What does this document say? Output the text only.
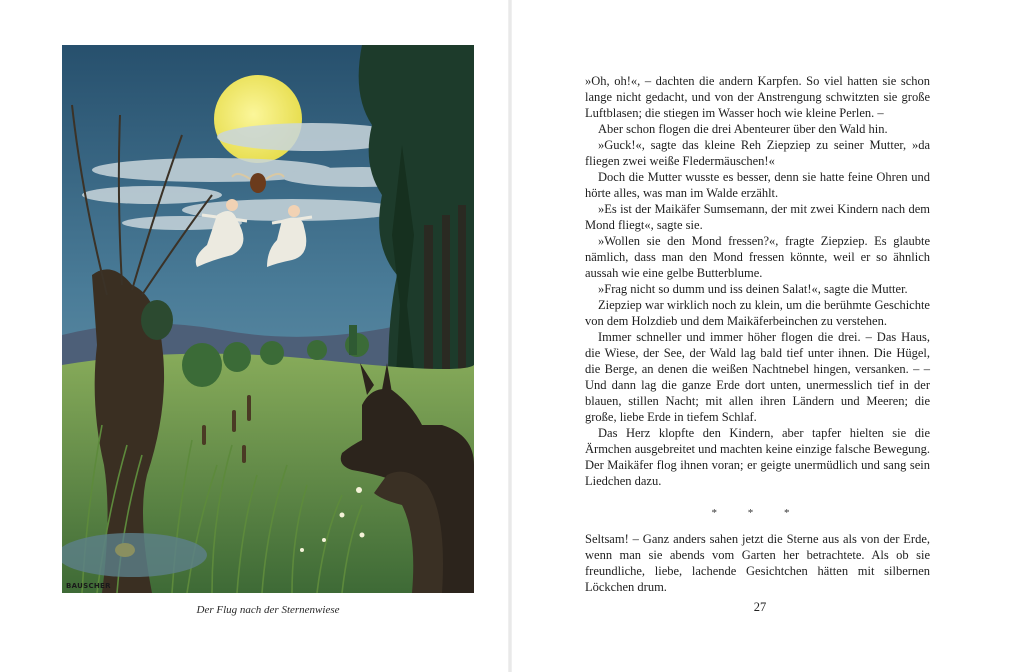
BAUSCHER
Der Flug nach der Sternenwiese

»Oh, oh!«, – dachten die andern Karpfen. So viel hatten sie schon lange nicht gedacht, und von der Anstrengung schwitzten sie große Luftblasen; die stiegen im Wasser hoch wie kleine Perlen. –

Aber schon flogen die drei Abenteurer über den Wald hin.

»Guck!«, sagte das kleine Reh Ziepziep zu seiner Mutter, »da fliegen zwei weiße Fledermäuschen!«

Doch die Mutter wusste es besser, denn sie hatte feine Ohren und hörte alles, was man im Walde erzählt.

»Es ist der Maikäfer Sumsemann, der mit zwei Kindern nach dem Mond fliegt«, sagte sie.

»Wollen sie den Mond fressen?«, fragte Ziepziep. Es glaubte nämlich, dass man den Mond fressen könnte, weil er so ähnlich aussah wie eine gelbe Butterblume.

»Frag nicht so dumm und iss deinen Salat!«, sagte die Mutter.

Ziepziep war wirklich noch zu klein, um die berühmte Geschichte von dem Holzdieb und dem Maikäferbeinchen zu verstehen.

Immer schneller und immer höher flogen die drei. – Das Haus, die Wiese, der See, der Wald lag bald tief unter ihnen. Die Hügel, die Berge, an denen die weißen Nachtnebel hingen, versanken. – – Und dann lag die ganze Erde dort unten, unermesslich tief in der blauen, stillen Nacht; mit allen ihren Ländern und Meeren; die große, liebe Erde in tiefem Schlaf.

Das Herz klopfte den Kindern, aber tapfer hielten sie die Ärmchen ausgebreitet und machten keine einzige falsche Bewegung. Der Maikäfer flog ihnen voran; er geigte unermüdlich und sang sein Liedchen dazu.

* * *

Seltsam! – Ganz anders sahen jetzt die Sterne aus als von der Erde, wenn man sie abends vom Garten her betrachtete. Als ob sie freundliche, liebe, lachende Gesichtchen hätten mit silbernen Löckchen drum.

27
